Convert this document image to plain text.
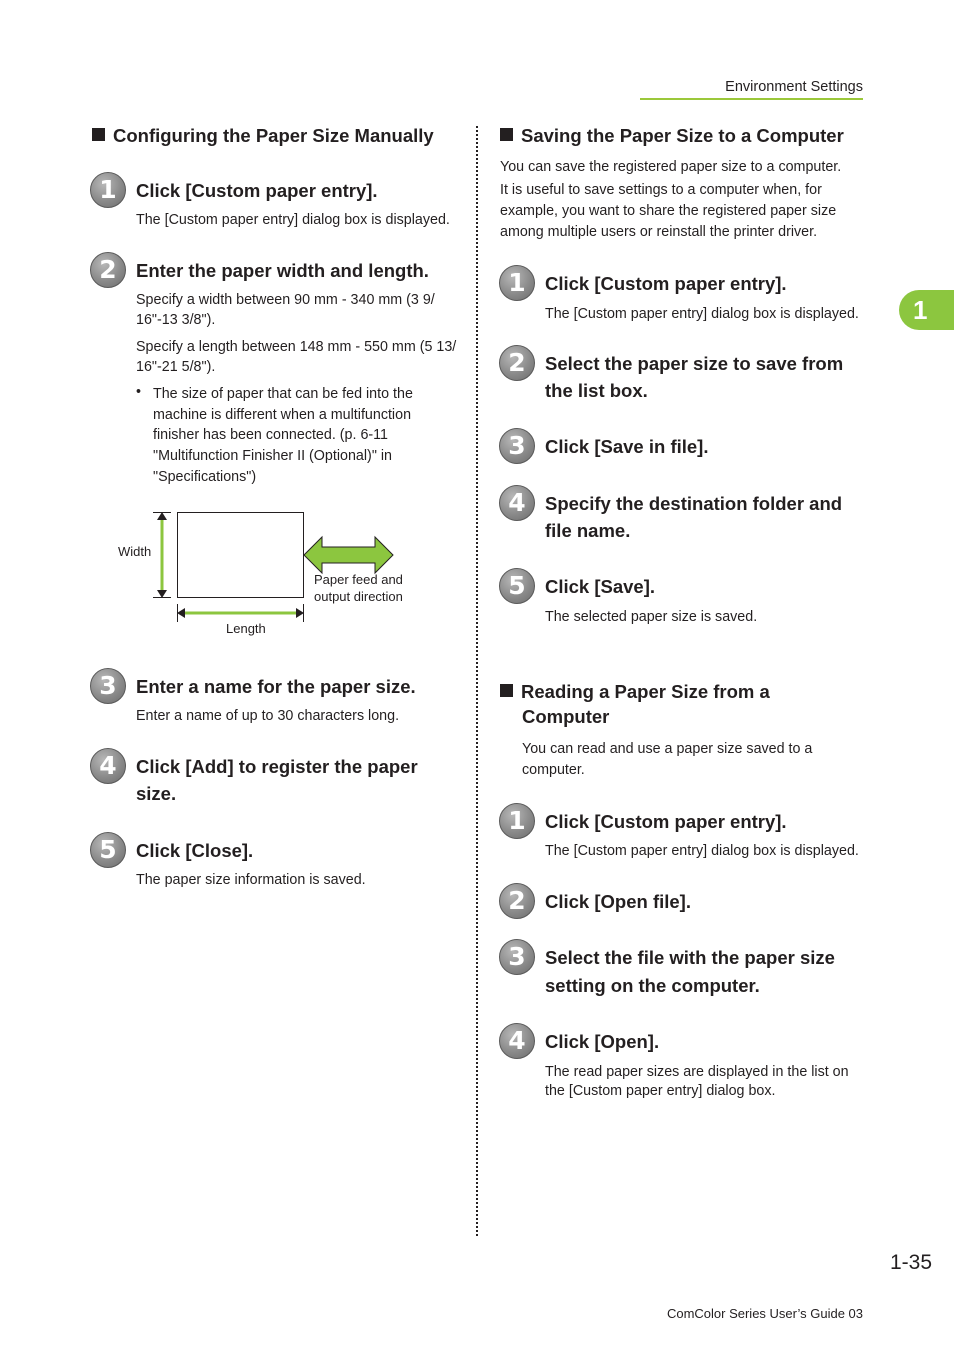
Environment Settings
1
Configuring the Paper Size Manually
1	Click [Custom paper entry].
The [Custom paper entry] dialog box is displayed.
2	Enter the paper width and length.
Specify a width between 90 mm - 340 mm (3 9/
16"-13 3/8").
Specify a length between 148 mm - 550 mm (5 13/
16"-21 5/8").
• The size of paper that can be fed into the
machine is different when a multifunction
finisher has been connected. (p. 6-11
"Multifunction Finisher II (Optional)" in
"Specifications")
Width
Length
Paper feed and
output direction
3	Enter a name for the paper size.
Enter a name of up to 30 characters long.
4	Click [Add] to register the paper
size.
5	Click [Close].
The paper size information is saved.
Saving the Paper Size to a Computer
You can save the registered paper size to a computer.
It is useful to save settings to a computer when, for
example, you want to share the registered paper size
among multiple users or reinstall the printer driver.
1	Click [Custom paper entry].
The [Custom paper entry] dialog box is displayed.
2	Select the paper size to save from
the list box.
3	Click [Save in file].
4	Specify the destination folder and
file name.
5	Click [Save].
The selected paper size is saved.
Reading a Paper Size from a
Computer
You can read and use a paper size saved to a
computer.
1	Click [Custom paper entry].
The [Custom paper entry] dialog box is displayed.
2	Click [Open file].
3	Select the file with the paper size
setting on the computer.
4	Click [Open].
The read paper sizes are displayed in the list on
the [Custom paper entry] dialog box.
1-35
ComColor Series User’s Guide 03
